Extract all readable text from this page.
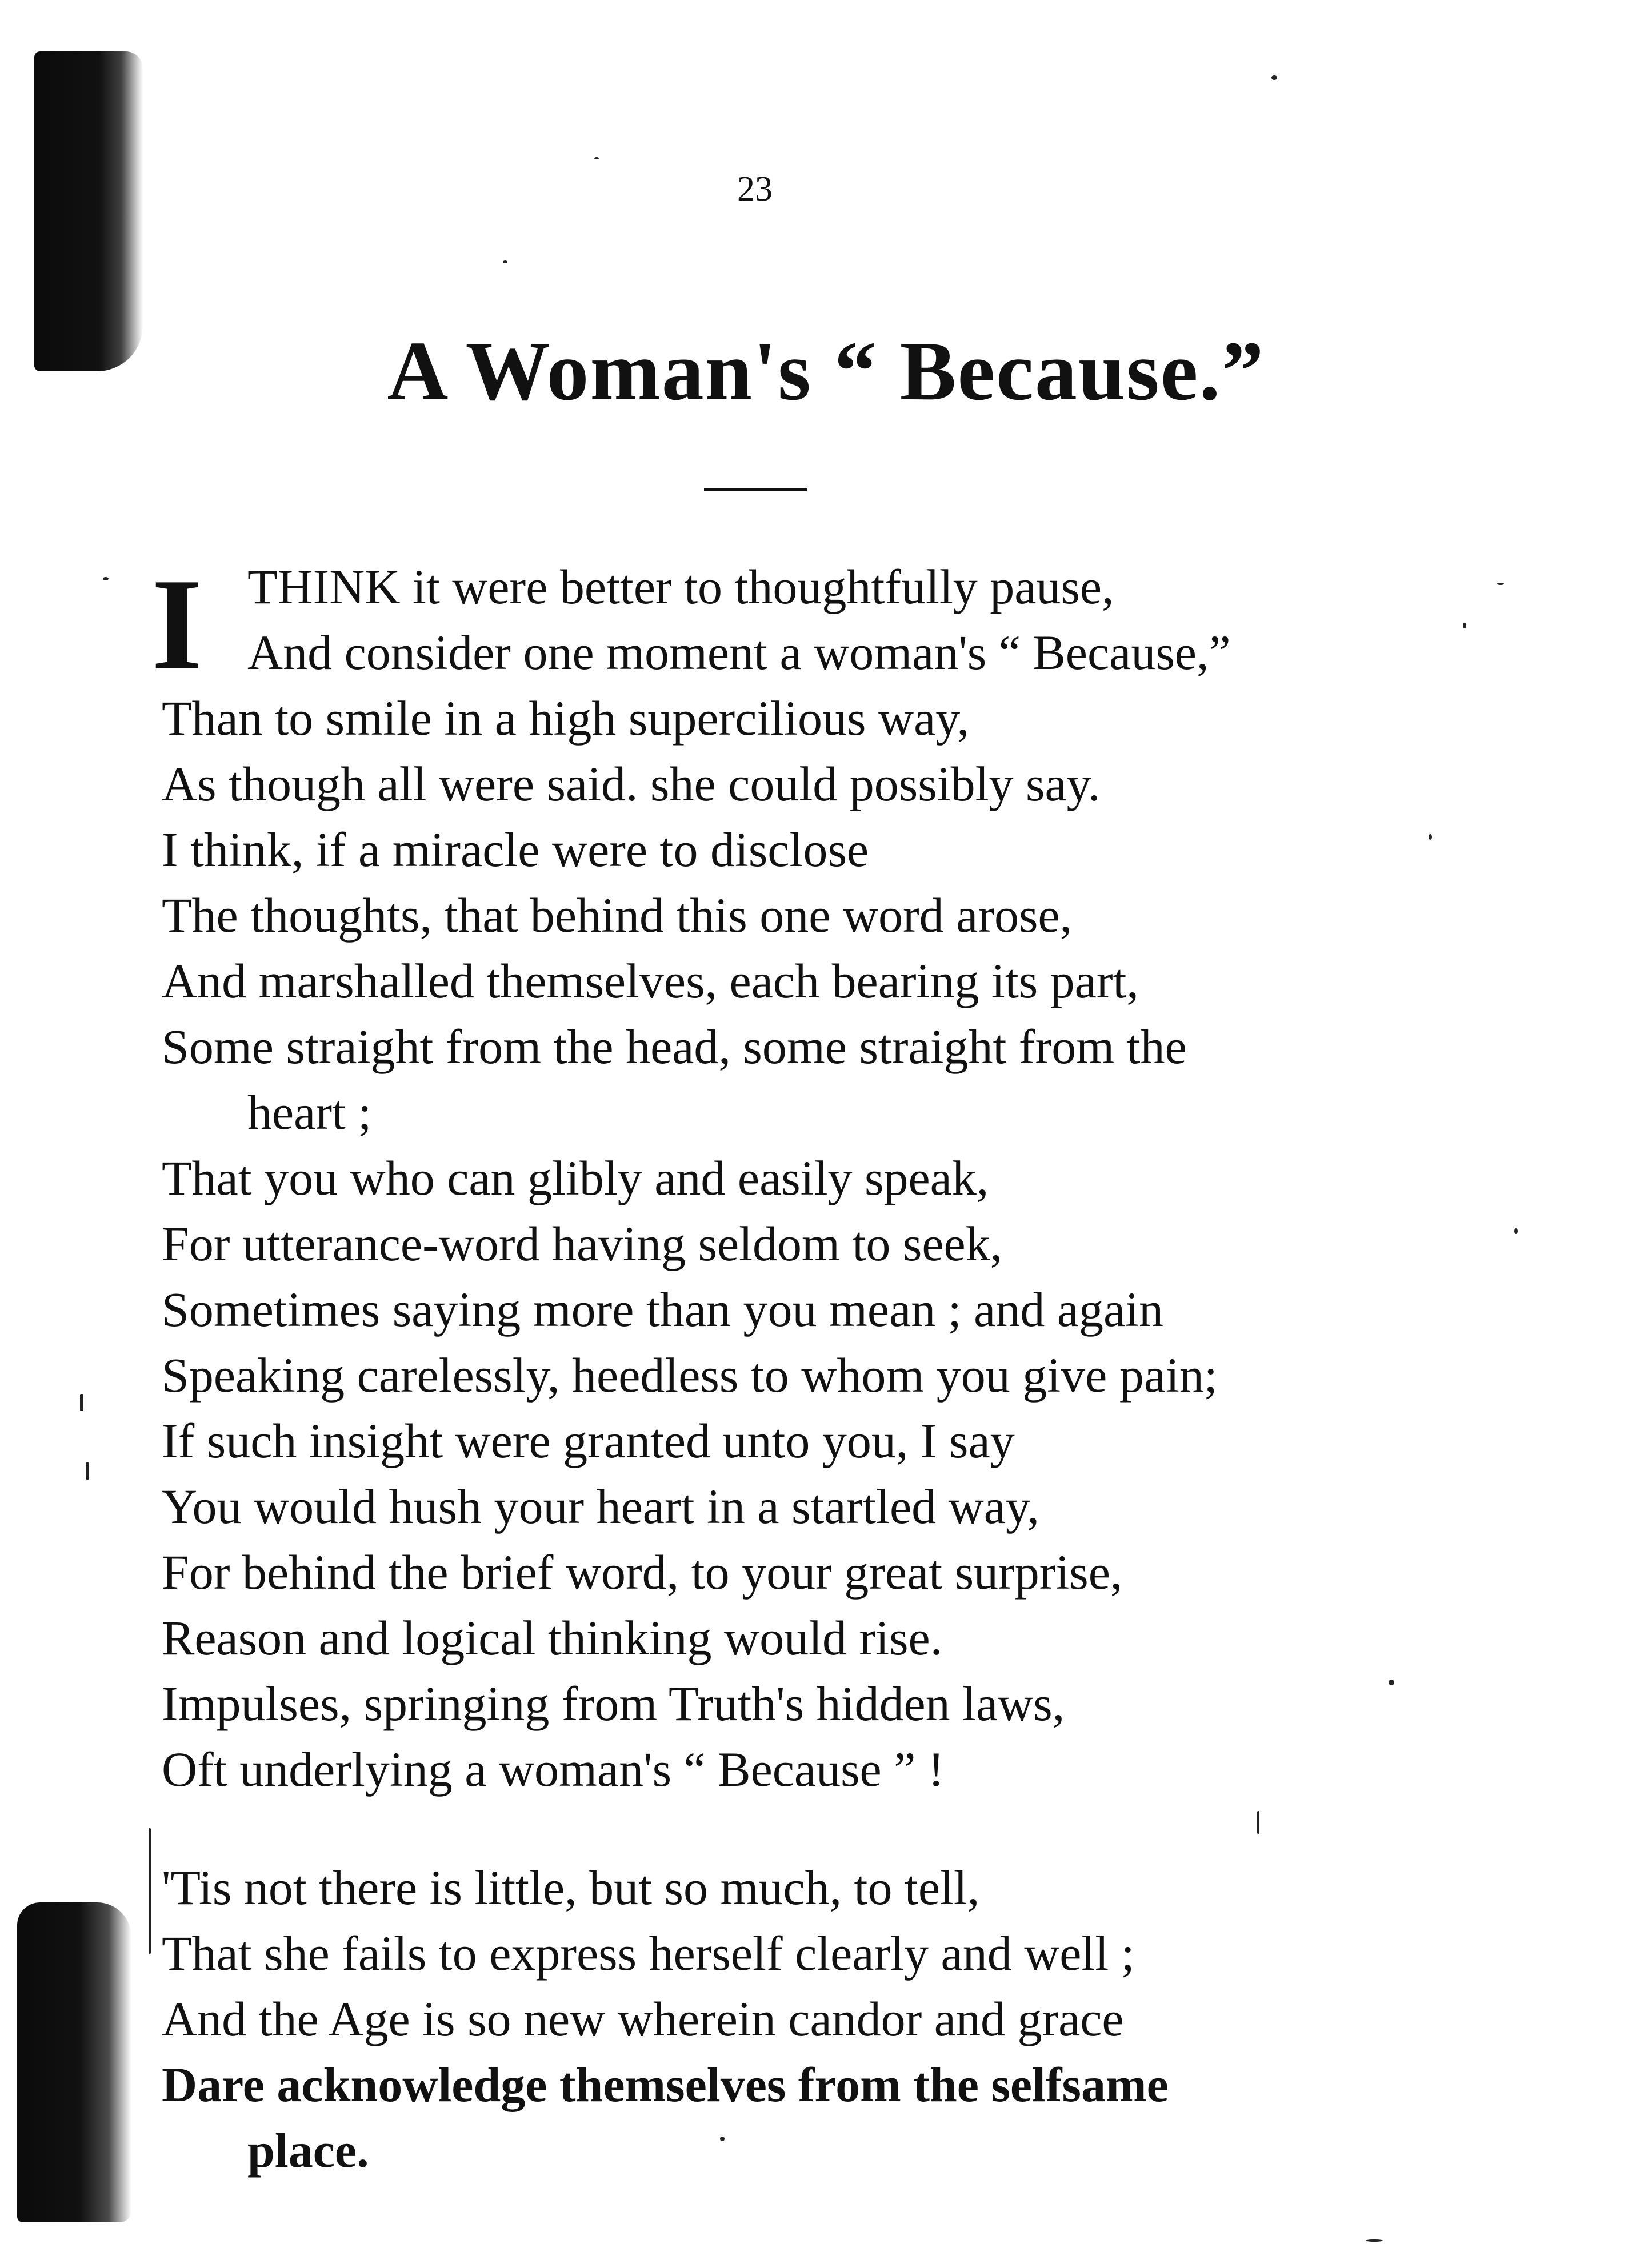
23
A Woman's “ Because.”
I THINK it were better to thoughtfully pause,
And consider one moment a woman's “ Because,”
Than to smile in a high supercilious way,
As though all were said. she could possibly say.
I think, if a miracle were to disclose
The thoughts, that behind this one word arose,
And marshalled themselves, each bearing its part,
Some straight from the head, some straight from the
heart ;
That you who can glibly and easily speak,
For utterance-word having seldom to seek,
Sometimes saying more than you mean ; and again
Speaking carelessly, heedless to whom you give pain;
If such insight were granted unto you, I say
You would hush your heart in a startled way,
For behind the brief word, to your great surprise,
Reason and logical thinking would rise.
Impulses, springing from Truth's hidden laws,
Oft underlying a woman's “ Because ” !
'Tis not there is little, but so much, to tell,
That she fails to express herself clearly and well ;
And the Age is so new wherein candor and grace
Dare acknowledge themselves from the selfsame
place.
